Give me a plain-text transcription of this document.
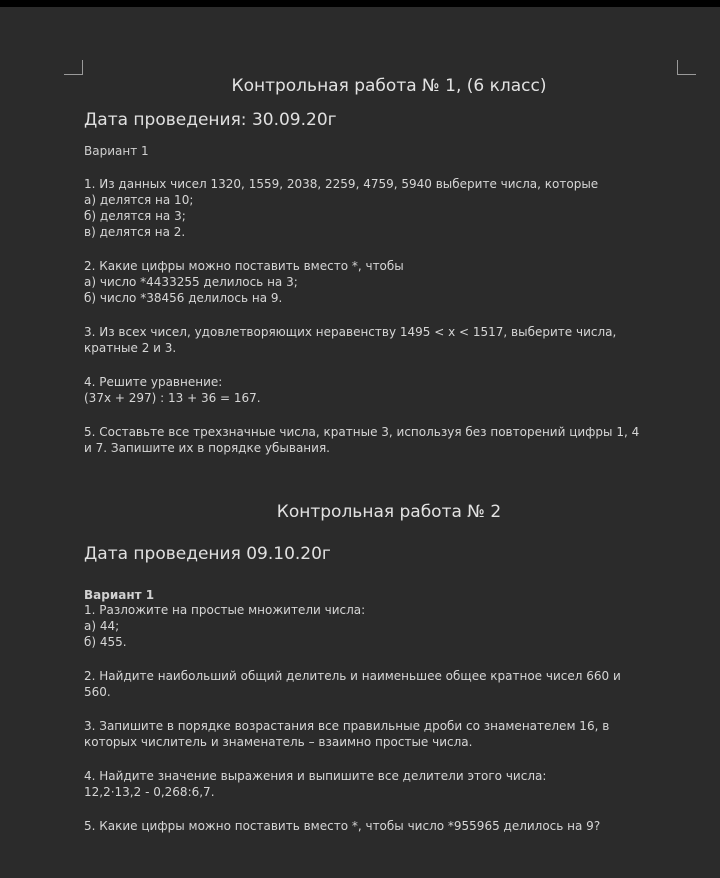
Контрольная работа № 1, (6 класс)

Дата проведения: 30.09.20г

Вариант 1

1. Из данных чисел 1320, 1559, 2038, 2259, 4759, 5940 выберите числа, которые
а) делятся на 10;
б) делятся на 3;
в) делятся на 2.

2. Какие цифры можно поставить вместо *, чтобы
а) число *4433255 делилось на 3;
б) число *38456 делилось на 9.

3. Из всех чисел, удовлетворяющих неравенству 1495 < x < 1517, выберите числа,
кратные 2 и 3.

4. Решите уравнение:
(37x + 297) : 13 + 36 = 167.

5. Составьте все трехзначные числа, кратные 3, используя без повторений цифры 1, 4
и 7. Запишите их в порядке убывания.

Контрольная работа № 2

Дата проведения 09.10.20г

Вариант 1

1. Разложите на простые множители числа:
а) 44;
б) 455.

2. Найдите наибольший общий делитель и наименьшее общее кратное чисел 660 и
560.

3. Запишите в порядке возрастания все правильные дроби со знаменателем 16, в
которых числитель и знаменатель – взаимно простые числа.

4. Найдите значение выражения и выпишите все делители этого числа:
12,2·13,2 - 0,268:6,7.

5. Какие цифры можно поставить вместо *, чтобы число *955965 делилось на 9?
